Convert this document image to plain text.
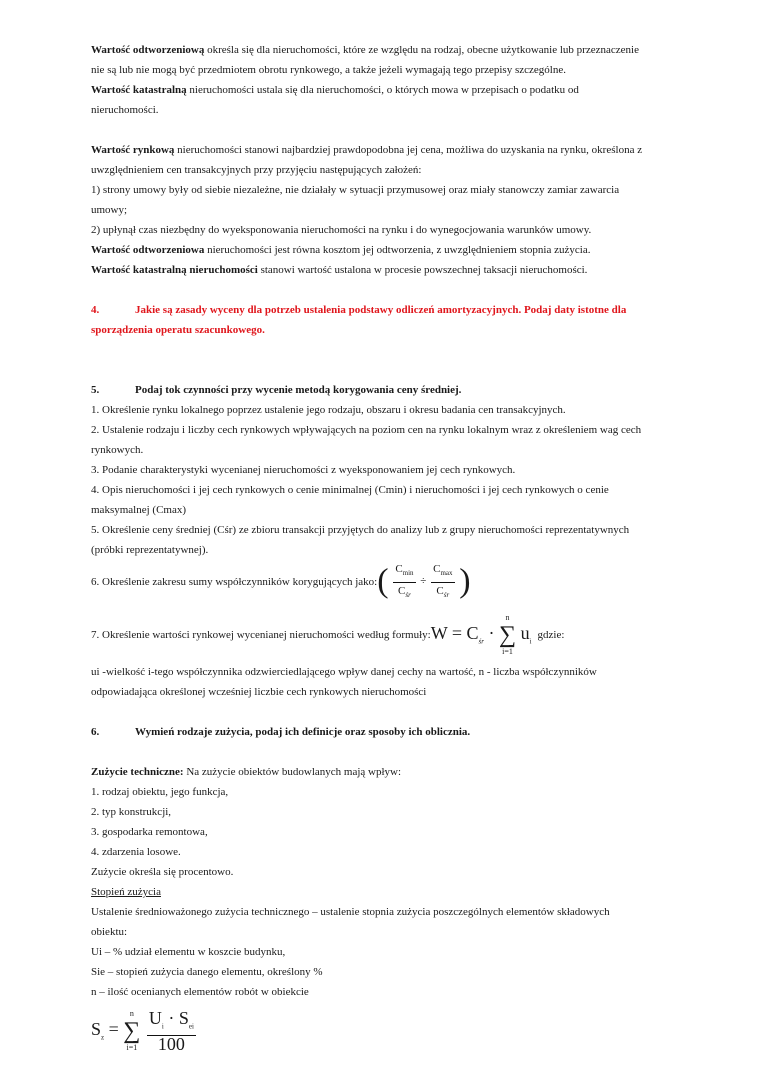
Wartość odtworzeniową określa się dla nieruchomości, które ze względu na rodzaj, obecne użytkowanie lub przeznaczenie

nie są lub nie mogą być przedmiotem obrotu rynkowego, a także jeżeli wymagają tego przepisy szczególne.

Wartość katastralną nieruchomości ustala się dla nieruchomości, o których mowa w przepisach o podatku od

nieruchomości.

Wartość rynkową nieruchomości stanowi najbardziej prawdopodobna jej cena, możliwa do uzyskania na rynku, określona z

uwzględnieniem cen transakcyjnych przy przyjęciu następujących założeń:

1) strony umowy były od siebie niezależne, nie działały w sytuacji przymusowej oraz miały stanowczy zamiar zawarcia

umowy;

2) upłynął czas niezbędny do wyeksponowania nieruchomości na rynku i do wynegocjowania warunków umowy.

Wartość odtworzeniowa nieruchomości jest równa kosztom jej odtworzenia, z uwzględnieniem stopnia zużycia.

Wartość katastralną nieruchomości stanowi wartość ustalona w procesie powszechnej taksacji nieruchomości.

4.	Jakie są zasady wyceny dla potrzeb ustalenia podstawy odliczeń amortyzacyjnych. Podaj daty istotne dla

sporządzenia operatu szacunkowego.

5.	Podaj tok czynności przy wycenie metodą korygowania ceny średniej.

1. Określenie rynku lokalnego poprzez ustalenie jego rodzaju, obszaru i okresu badania cen transakcyjnych.

2. Ustalenie rodzaju i liczby cech rynkowych wpływających na poziom cen na rynku lokalnym wraz z określeniem wag cech

rynkowych.

3. Podanie charakterystyki wycenianej nieruchomości z wyeksponowaniem jej cech rynkowych.

4. Opis nieruchomości i jej cech rynkowych o cenie minimalnej (Cmin) i nieruchomości i jej cech rynkowych o cenie

maksymalnej (Cmax)

5. Określenie ceny średniej (Cśr) ze zbioru transakcji przyjętych do analizy lub z grupy nieruchomości reprezentatywnych

(próbki reprezentatywnej).

6. Określenie zakresu sumy współczynników korygujących jako: ( $\frac{C_{min}}{C_{śr}} \div \frac{C_{max}}{C_{śr}}$ )
7. Określenie wartości rynkowej wycenianej nieruchomości według formuły: $W = C_{śr}$ ·
n
∑
i=1
$u_i$
gdzie:

ui -wielkość i-tego współczynnika odzwierciedlającego wpływ danej cechy na wartość, n - liczba współczynników

odpowiadająca określonej wcześniej liczbie cech rynkowych nieruchomości

6.	Wymień rodzaje zużycia, podaj ich definicje oraz sposoby ich oblicznia.

Zużycie techniczne: Na zużycie obiektów budowlanych mają wpływ:

1. rodzaj obiektu, jego funkcja,

2. typ konstrukcji,

3. gospodarka remontowa,

4. zdarzenia losowe.

Zużycie określa się procentowo.

Stopień zużycia

Ustalenie średnioważonego zużycia technicznego – ustalenie stopnia zużycia poszczególnych elementów składowych

obiektu:

Ui – % udział elementu w koszcie budynku,

Sie – stopień zużycia danego elementu, określony %

n – ilość ocenianych elementów robót w obiekcie

$S_z$ =
n
∑
i=1
$\frac{U_i \cdot S_{ei}}{100}$
